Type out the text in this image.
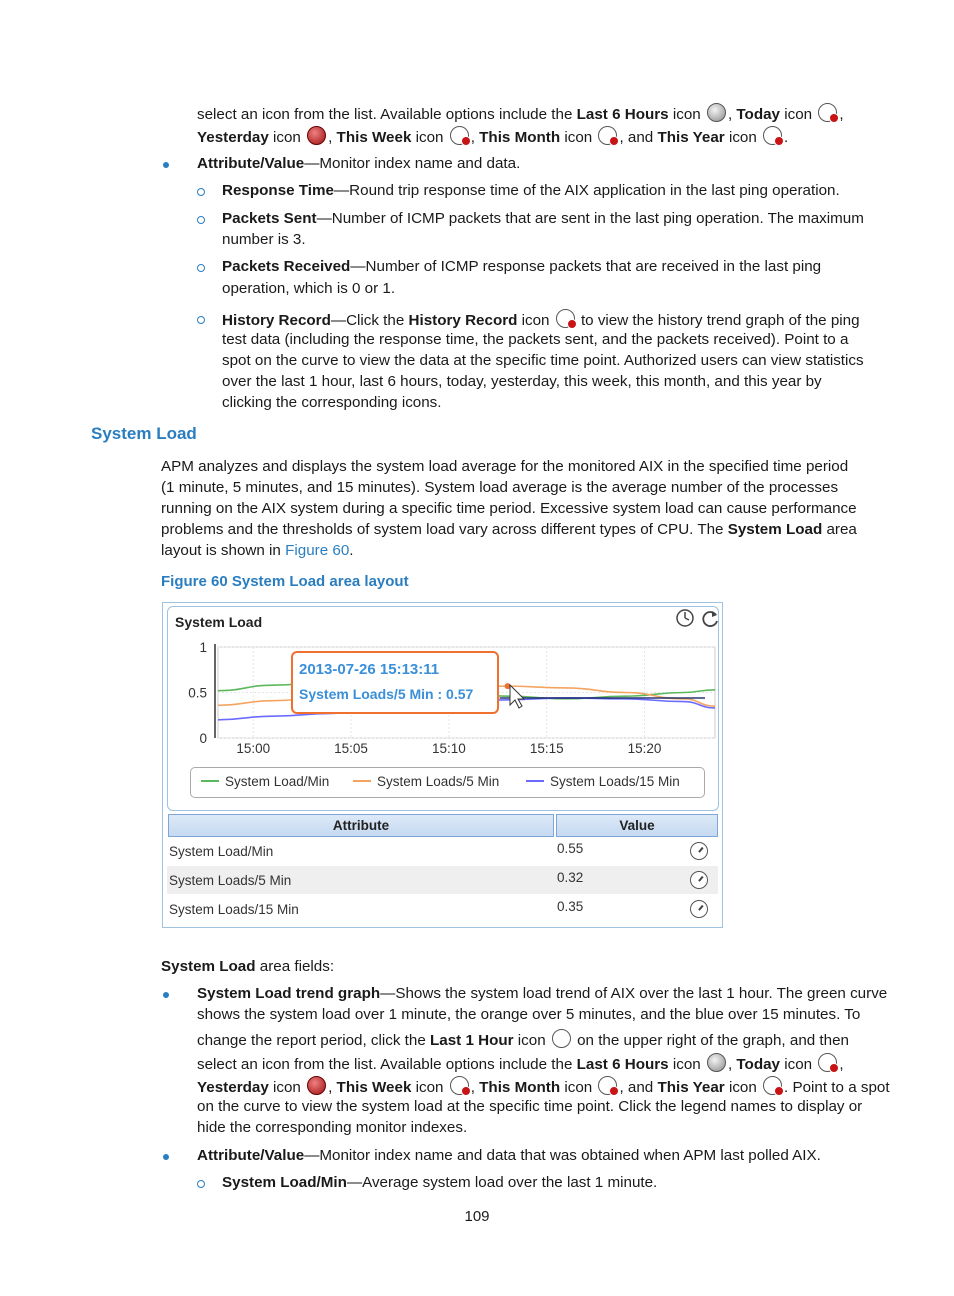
select an icon from the list. Available options include the Last 6 Hours icon , Today icon ,
Yesterday icon , This Week icon , This Month icon , and This Year icon .
Attribute/Value—Monitor index name and data.
Response Time—Round trip response time of the AIX application in the last ping operation.
Packets Sent—Number of ICMP packets that are sent in the last ping operation. The maximum
number is 3.
Packets Received—Number of ICMP response packets that are received in the last ping
operation, which is 0 or 1.
History Record—Click the History Record icon  to view the history trend graph of the ping
test data (including the response time, the packets sent, and the packets received). Point to a
spot on the curve to view the data at the specific time point. Authorized users can view statistics
over the last 1 hour, last 6 hours, today, yesterday, this week, this month, and this year by
clicking the corresponding icons.
System Load
APM analyzes and displays the system load average for the monitored AIX in the specified time period
(1 minute, 5 minutes, and 15 minutes). System load average is the average number of the processes
running on the AIX system during a specific time period. Excessive system load can cause performance
problems and the thresholds of system load vary across different types of CPU. The System Load area
layout is shown in Figure 60.
Figure 60 System Load area layout
System Load
15:00	15:05	15:10	15:15	15:20
0
0.5
1
2013-07-26 15:13:11
System Loads/5 Min : 0.57
System Load/Min	System Loads/5 Min	System Loads/15 Min
Attribute	Value
System Load/Min	0.55
System Loads/5 Min	0.32
System Loads/15 Min	0.35
System Load area fields:
System Load trend graph—Shows the system load trend of AIX over the last 1 hour. The green curve
shows the system load over 1 minute, the orange over 5 minutes, and the blue over 15 minutes. To
change the report period, click the Last 1 Hour icon  on the upper right of the graph, and then
select an icon from the list. Available options include the Last 6 Hours icon , Today icon ,
Yesterday icon , This Week icon , This Month icon , and This Year icon . Point to a spot
on the curve to view the system load at the specific time point. Click the legend names to display or
hide the corresponding monitor indexes.
Attribute/Value—Monitor index name and data that was obtained when APM last polled AIX.
System Load/Min—Average system load over the last 1 minute.
109
